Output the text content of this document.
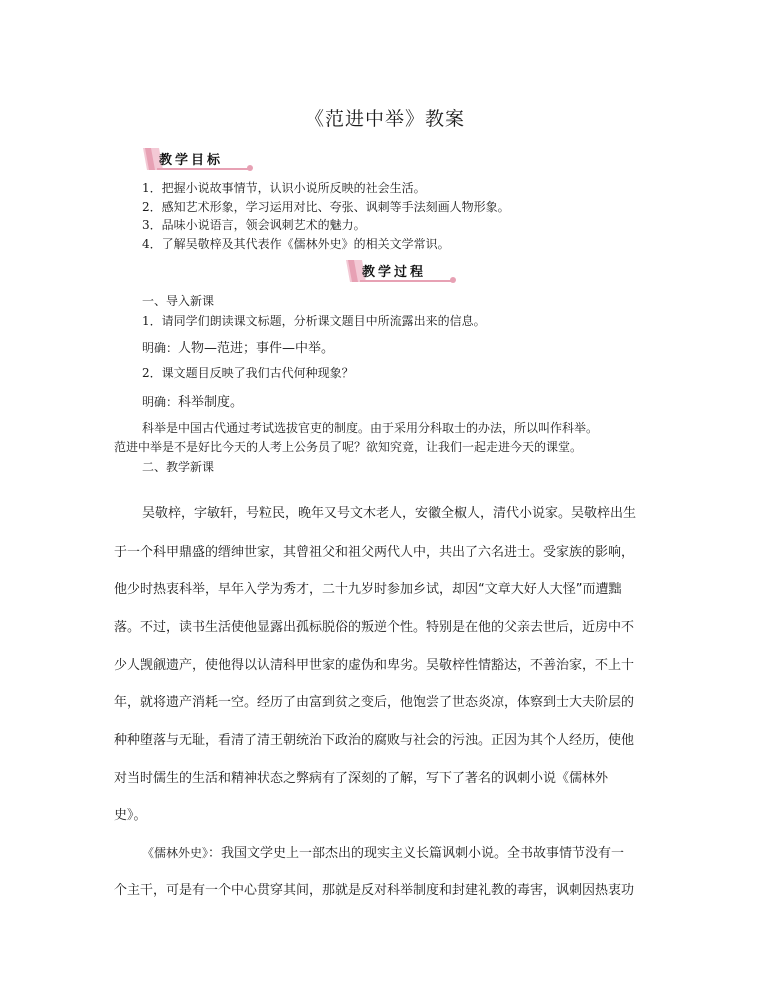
《范进中举》教案
教学目标
1．把握小说故事情节，认识小说所反映的社会生活。
2．感知艺术形象，学习运用对比、夸张、讽刺等手法刻画人物形象。
3．品味小说语言，领会讽刺艺术的魅力。
4．了解吴敬梓及其代表作《儒林外史》的相关文学常识。
教学过程
一、导入新课
1．请同学们朗读课文标题，分析课文题目中所流露出来的信息。
明确：人物—范进；事件—中举。
2．课文题目反映了我们古代何种现象？
明确：科举制度。
科举是中国古代通过考试选拔官吏的制度。由于采用分科取士的办法，所以叫作科举。
范进中举是不是好比今天的人考上公务员了呢？欲知究竟，让我们一起走进今天的课堂。
二、教学新课
吴敬梓，字敏轩，号粒民，晚年又号文木老人，安徽全椒人，清代小说家。吴敬梓出生
于一个科甲鼎盛的缙绅世家，其曾祖父和祖父两代人中，共出了六名进士。受家族的影响，
他少时热衷科举，早年入学为秀才，二十九岁时参加乡试，却因“文章大好人大怪”而遭黜
落。不过，读书生活使他显露出孤标脱俗的叛逆个性。特别是在他的父亲去世后，近房中不
少人觊觎遗产，使他得以认清科甲世家的虚伪和卑劣。吴敬梓性情豁达，不善治家，不上十
年，就将遗产消耗一空。经历了由富到贫之变后，他饱尝了世态炎凉，体察到士大夫阶层的
种种堕落与无耻，看清了清王朝统治下政治的腐败与社会的污浊。正因为其个人经历，使他
对当时儒生的生活和精神状态之弊病有了深刻的了解，写下了著名的讽刺小说《儒林外
史》。
《儒林外史》：我国文学史上一部杰出的现实主义长篇讽刺小说。全书故事情节没有一
个主干，可是有一个中心贯穿其间，那就是反对科举制度和封建礼教的毒害，讽刺因热衷功
